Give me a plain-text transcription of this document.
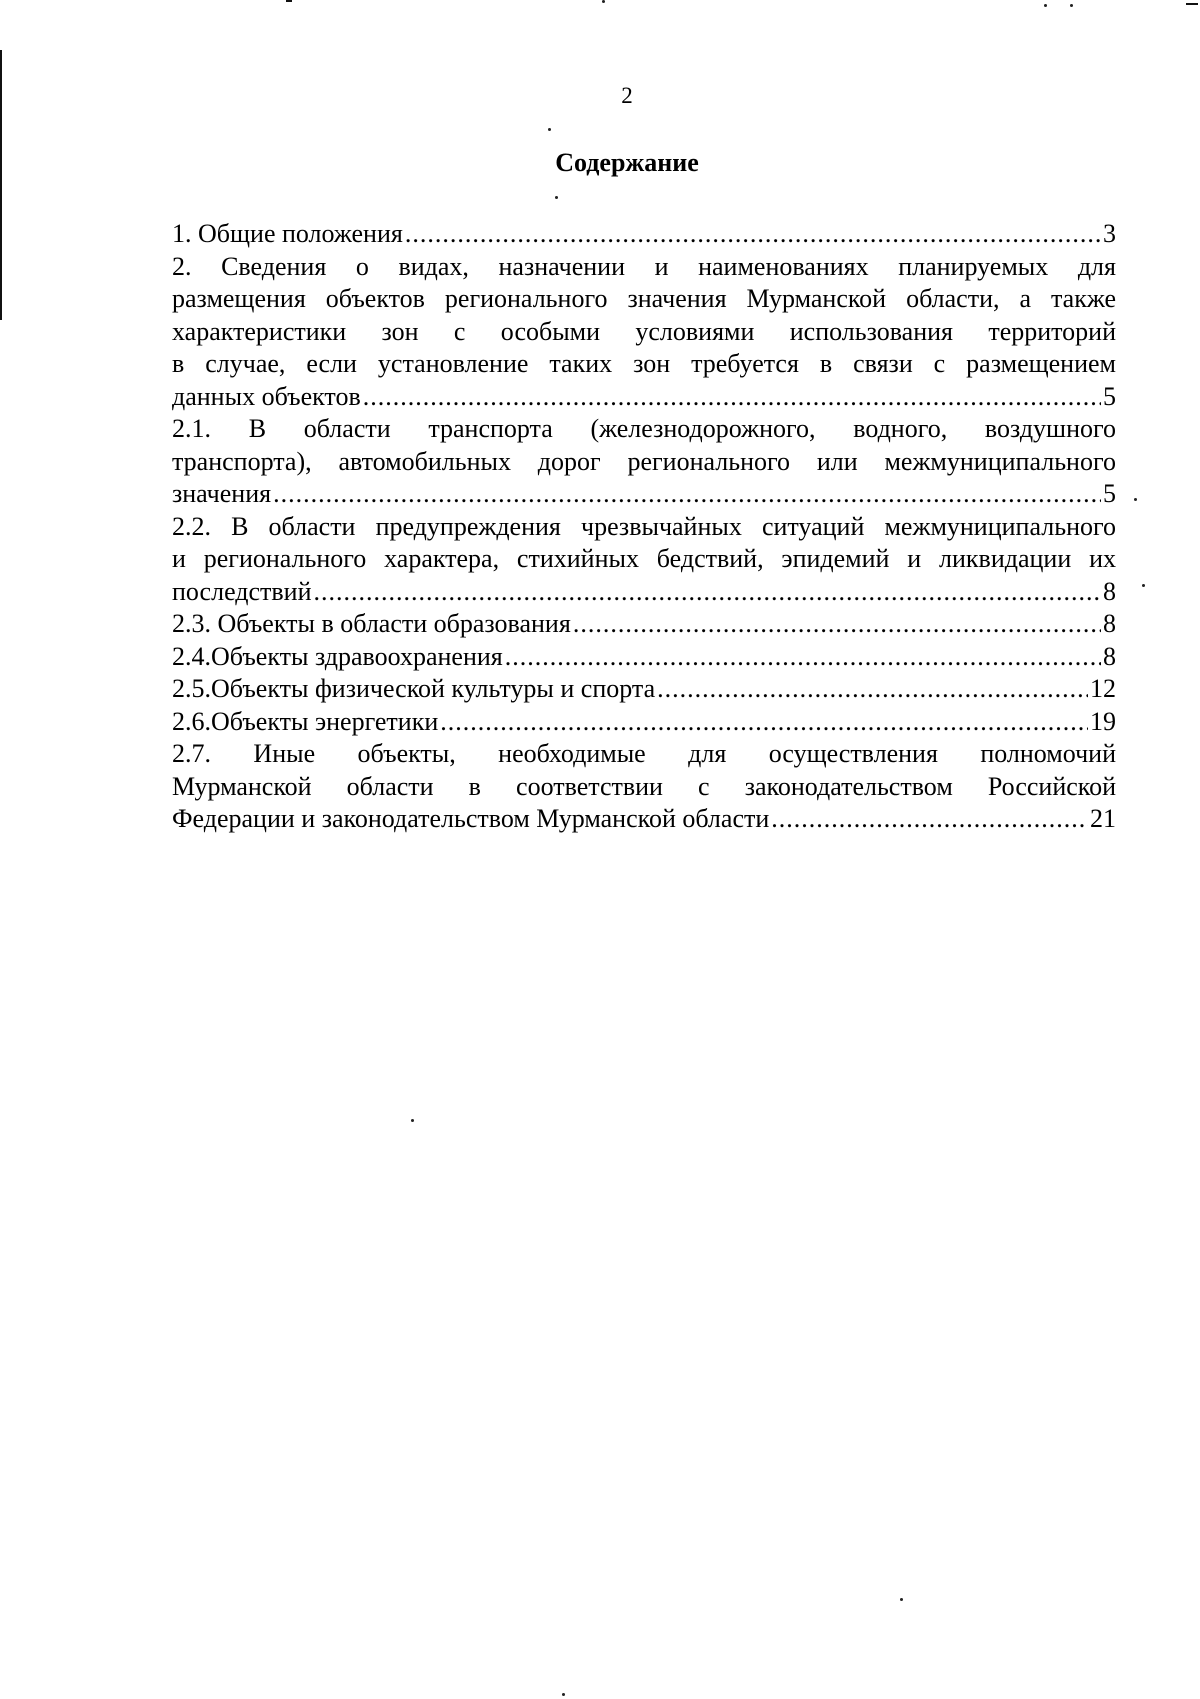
2
Содержание
1. Общие положения .....	3
2. Сведения о видах, назначении и наименованиях планируемых для
размещения объектов регионального значения Мурманской области, а также
характеристики зон с особыми условиями использования территорий
в случае, если установление таких зон требуется в связи с размещением
данных объектов .....	5
2.1. В области транспорта (железнодорожного, водного, воздушного
транспорта), автомобильных дорог регионального или межмуниципального
значения .....	5
2.2. В области предупреждения чрезвычайных ситуаций межмуниципального
и регионального характера, стихийных бедствий, эпидемий и ликвидации их
последствий .....	8
2.3. Объекты в области образования .....	8
2.4. Объекты здравоохранения .....	8
2.5. Объекты физической культуры и спорта .....	12
2.6. Объекты энергетики .....	19
2.7. Иные объекты, необходимые для осуществления полномочий
Мурманской области в соответствии с законодательством Российской
Федерации и законодательством Мурманской области .....	21
